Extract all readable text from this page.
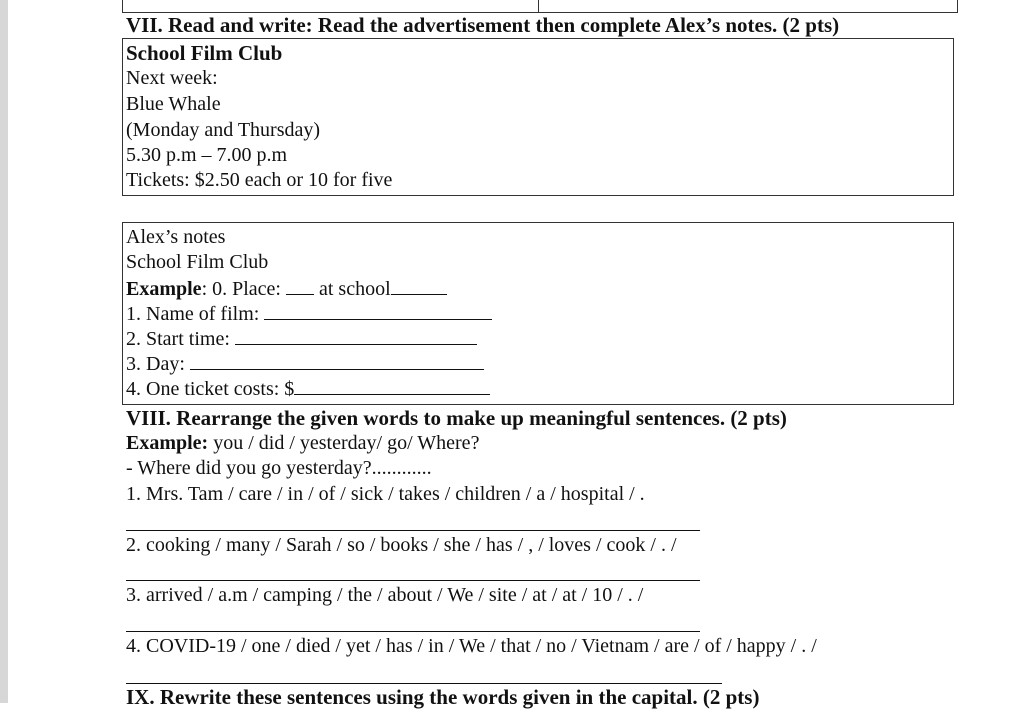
VII. Read and write: Read the advertisement then complete Alex’s notes. (2 pts)
School Film Club
Next week:
Blue Whale
(Monday and Thursday)
5.30 p.m – 7.00 p.m
Tickets: $2.50 each or 10 for five
Alex’s notes
School Film Club
Example: 0. Place:  at school
1. Name of film:
2. Start time:
3. Day:
4. One ticket costs: $
VIII. Rearrange the given words to make up meaningful sentences. (2 pts)
Example: you / did / yesterday/ go/ Where?
- Where did you go yesterday?............
1. Mrs. Tam / care / in / of / sick / takes / children / a / hospital / .
2. cooking / many / Sarah / so / books / she / has / , / loves / cook / . /
3. arrived / a.m / camping / the / about / We / site / at / at / 10 / . /
4. COVID-19 / one / died / yet / has / in / We / that / no / Vietnam / are / of / happy / . /
IX. Rewrite these sentences using the words given in the capital. (2 pts)
